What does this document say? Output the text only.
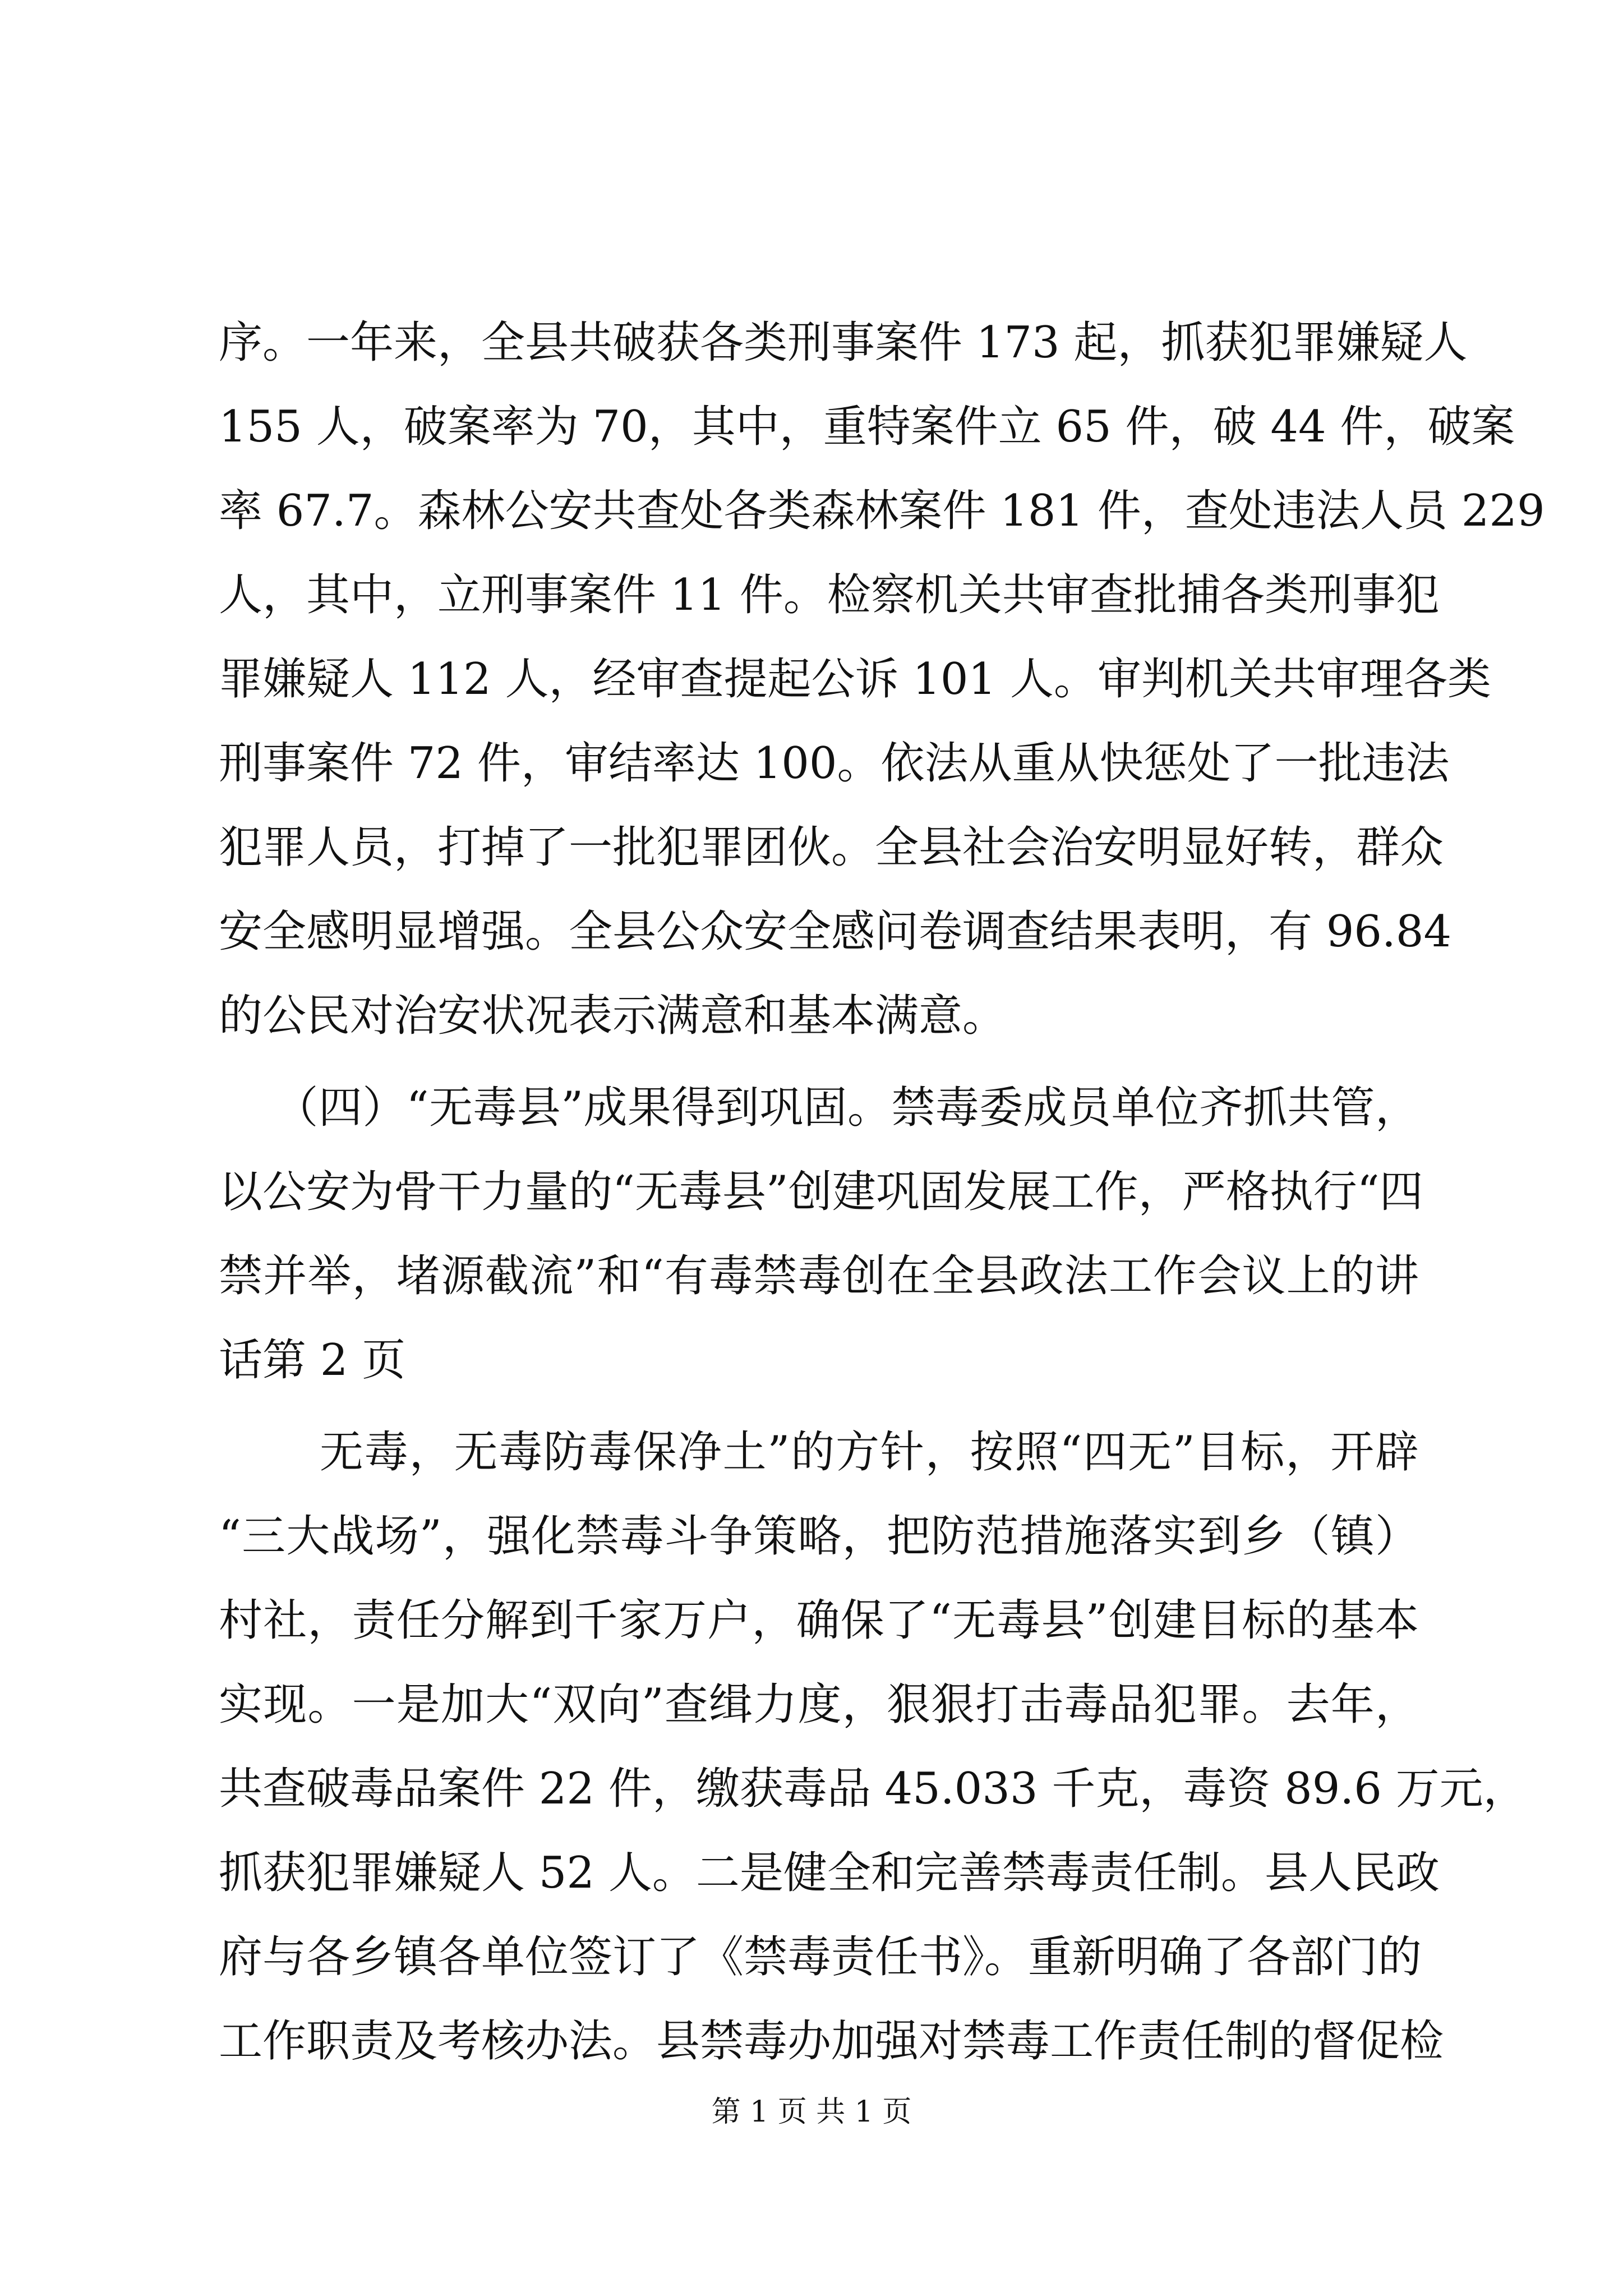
序。一年来，全县共破获各类刑事案件 173 起，抓获犯罪嫌疑人
155 人，破案率为 70，其中，重特案件立 65 件，破 44 件，破案
率 67.7。森林公安共查处各类森林案件 181 件，查处违法人员 229
人，其中，立刑事案件 11 件。检察机关共审查批捕各类刑事犯
罪嫌疑人 112 人，经审查提起公诉 101 人。审判机关共审理各类
刑事案件 72 件，审结率达 100。依法从重从快惩处了一批违法
犯罪人员，打掉了一批犯罪团伙。全县社会治安明显好转，群众
安全感明显增强。全县公众安全感问卷调查结果表明，有 96.84
的公民对治安状况表示满意和基本满意。
　（四）“无毒县”成果得到巩固。禁毒委成员单位齐抓共管，
以公安为骨干力量的“无毒县”创建巩固发展工作，严格执行“四
禁并举，堵源截流”和“有毒禁毒创在全县政法工作会议上的讲
话第 2 页
　无毒，无毒防毒保净土”的方针，按照“四无”目标，开辟
“三大战场”，强化禁毒斗争策略，把防范措施落实到乡（镇）
村社，责任分解到千家万户，确保了“无毒县”创建目标的基本
实现。一是加大“双向”查缉力度，狠狠打击毒品犯罪。去年，
共查破毒品案件 22 件，缴获毒品 45.033 千克，毒资 89.6 万元，
抓获犯罪嫌疑人 52 人。二是健全和完善禁毒责任制。县人民政
府与各乡镇各单位签订了《禁毒责任书》。重新明确了各部门的
工作职责及考核办法。县禁毒办加强对禁毒工作责任制的督促检
第 1 页 共 1 页
